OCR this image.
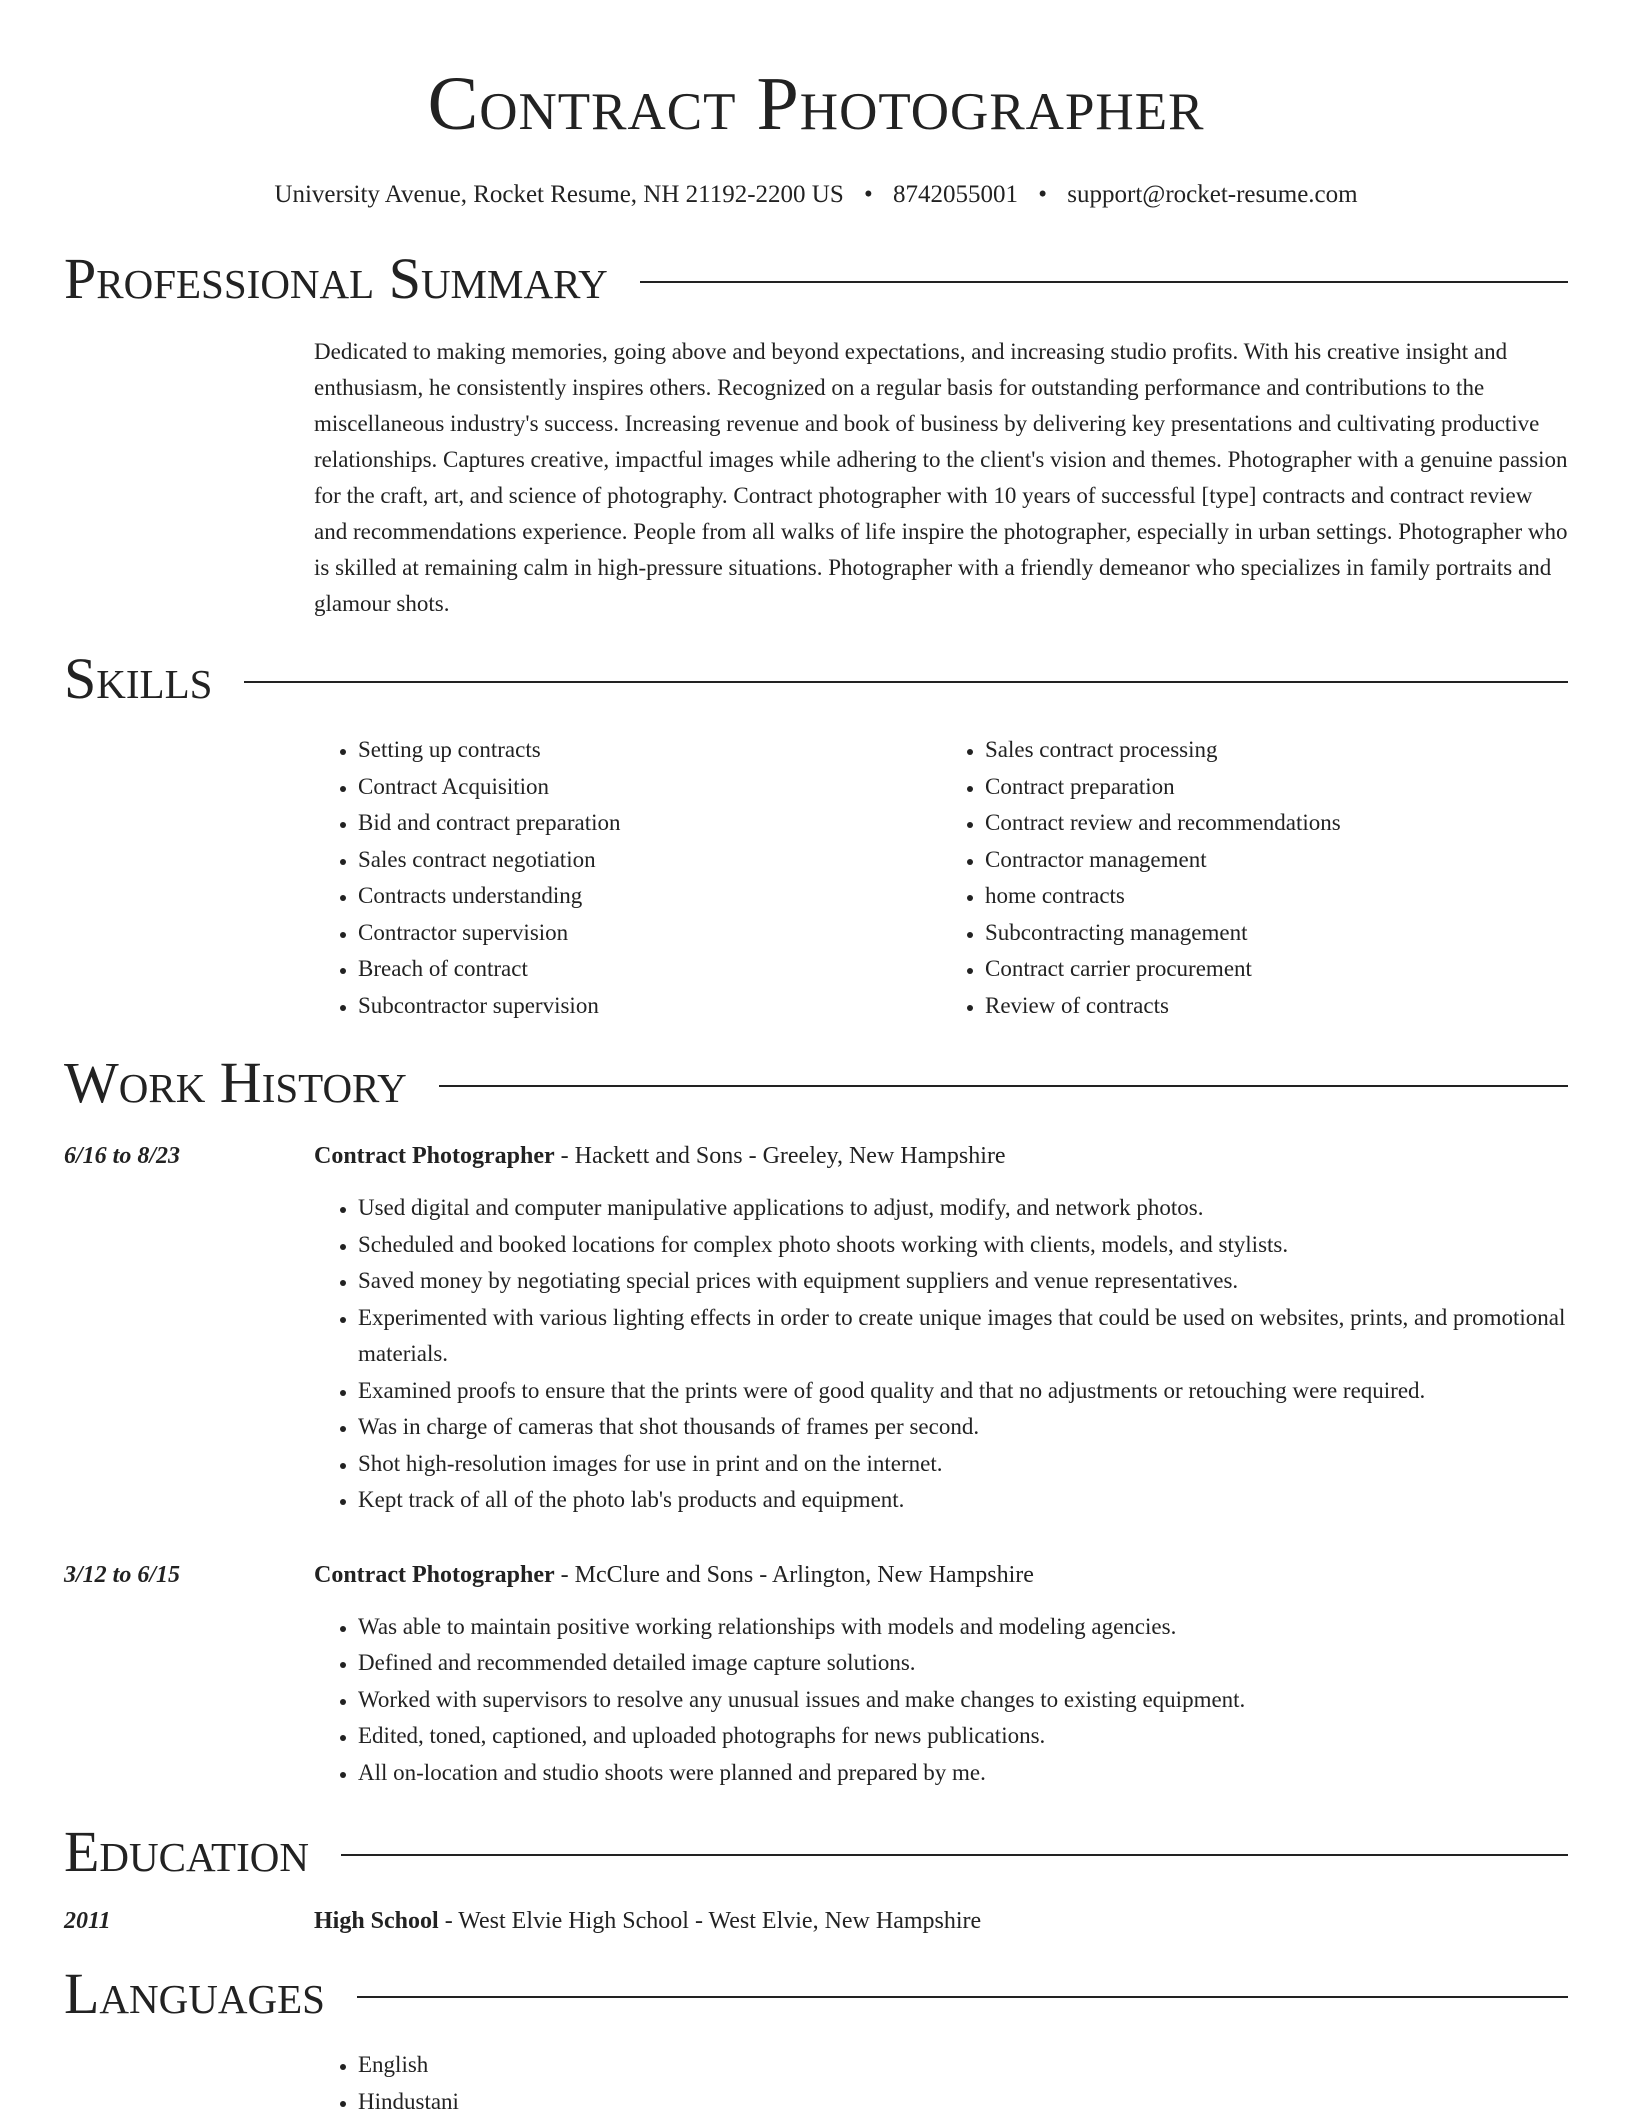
Contract Photographer
University Avenue, Rocket Resume, NH 21192-2200 US • 8742055001 • support@rocket-resume.com
Professional Summary

Dedicated to making memories, going above and beyond expectations, and increasing studio profits. With his creative insight and enthusiasm, he consistently inspires others. Recognized on a regular basis for outstanding performance and contributions to the miscellaneous industry's success. Increasing revenue and book of business by delivering key presentations and cultivating productive relationships. Captures creative, impactful images while adhering to the client's vision and themes. Photographer with a genuine passion for the craft, art, and science of photography. Contract photographer with 10 years of successful [type] contracts and contract review and recommendations experience. People from all walks of life inspire the photographer, especially in urban settings. Photographer who is skilled at remaining calm in high-pressure situations. Photographer with a friendly demeanor who specializes in family portraits and glamour shots.

Skills
• Setting up contracts
• Contract Acquisition
• Bid and contract preparation
• Sales contract negotiation
• Contracts understanding
• Contractor supervision
• Breach of contract
• Subcontractor supervision
• Sales contract processing
• Contract preparation
• Contract review and recommendations
• Contractor management
• home contracts
• Subcontracting management
• Contract carrier procurement
• Review of contracts
Work History
6/16 to 8/23	Contract Photographer - Hackett and Sons - Greeley, New Hampshire
• Used digital and computer manipulative applications to adjust, modify, and network photos.
• Scheduled and booked locations for complex photo shoots working with clients, models, and stylists.
• Saved money by negotiating special prices with equipment suppliers and venue representatives.
• Experimented with various lighting effects in order to create unique images that could be used on websites, prints, and promotional materials.
• Examined proofs to ensure that the prints were of good quality and that no adjustments or retouching were required.
• Was in charge of cameras that shot thousands of frames per second.
• Shot high-resolution images for use in print and on the internet.
• Kept track of all of the photo lab's products and equipment.
3/12 to 6/15	Contract Photographer - McClure and Sons - Arlington, New Hampshire
• Was able to maintain positive working relationships with models and modeling agencies.
• Defined and recommended detailed image capture solutions.
• Worked with supervisors to resolve any unusual issues and make changes to existing equipment.
• Edited, toned, captioned, and uploaded photographs for news publications.
• All on-location and studio shoots were planned and prepared by me.
Education
2011	High School - West Elvie High School - West Elvie, New Hampshire
Languages
• English
• Hindustani
